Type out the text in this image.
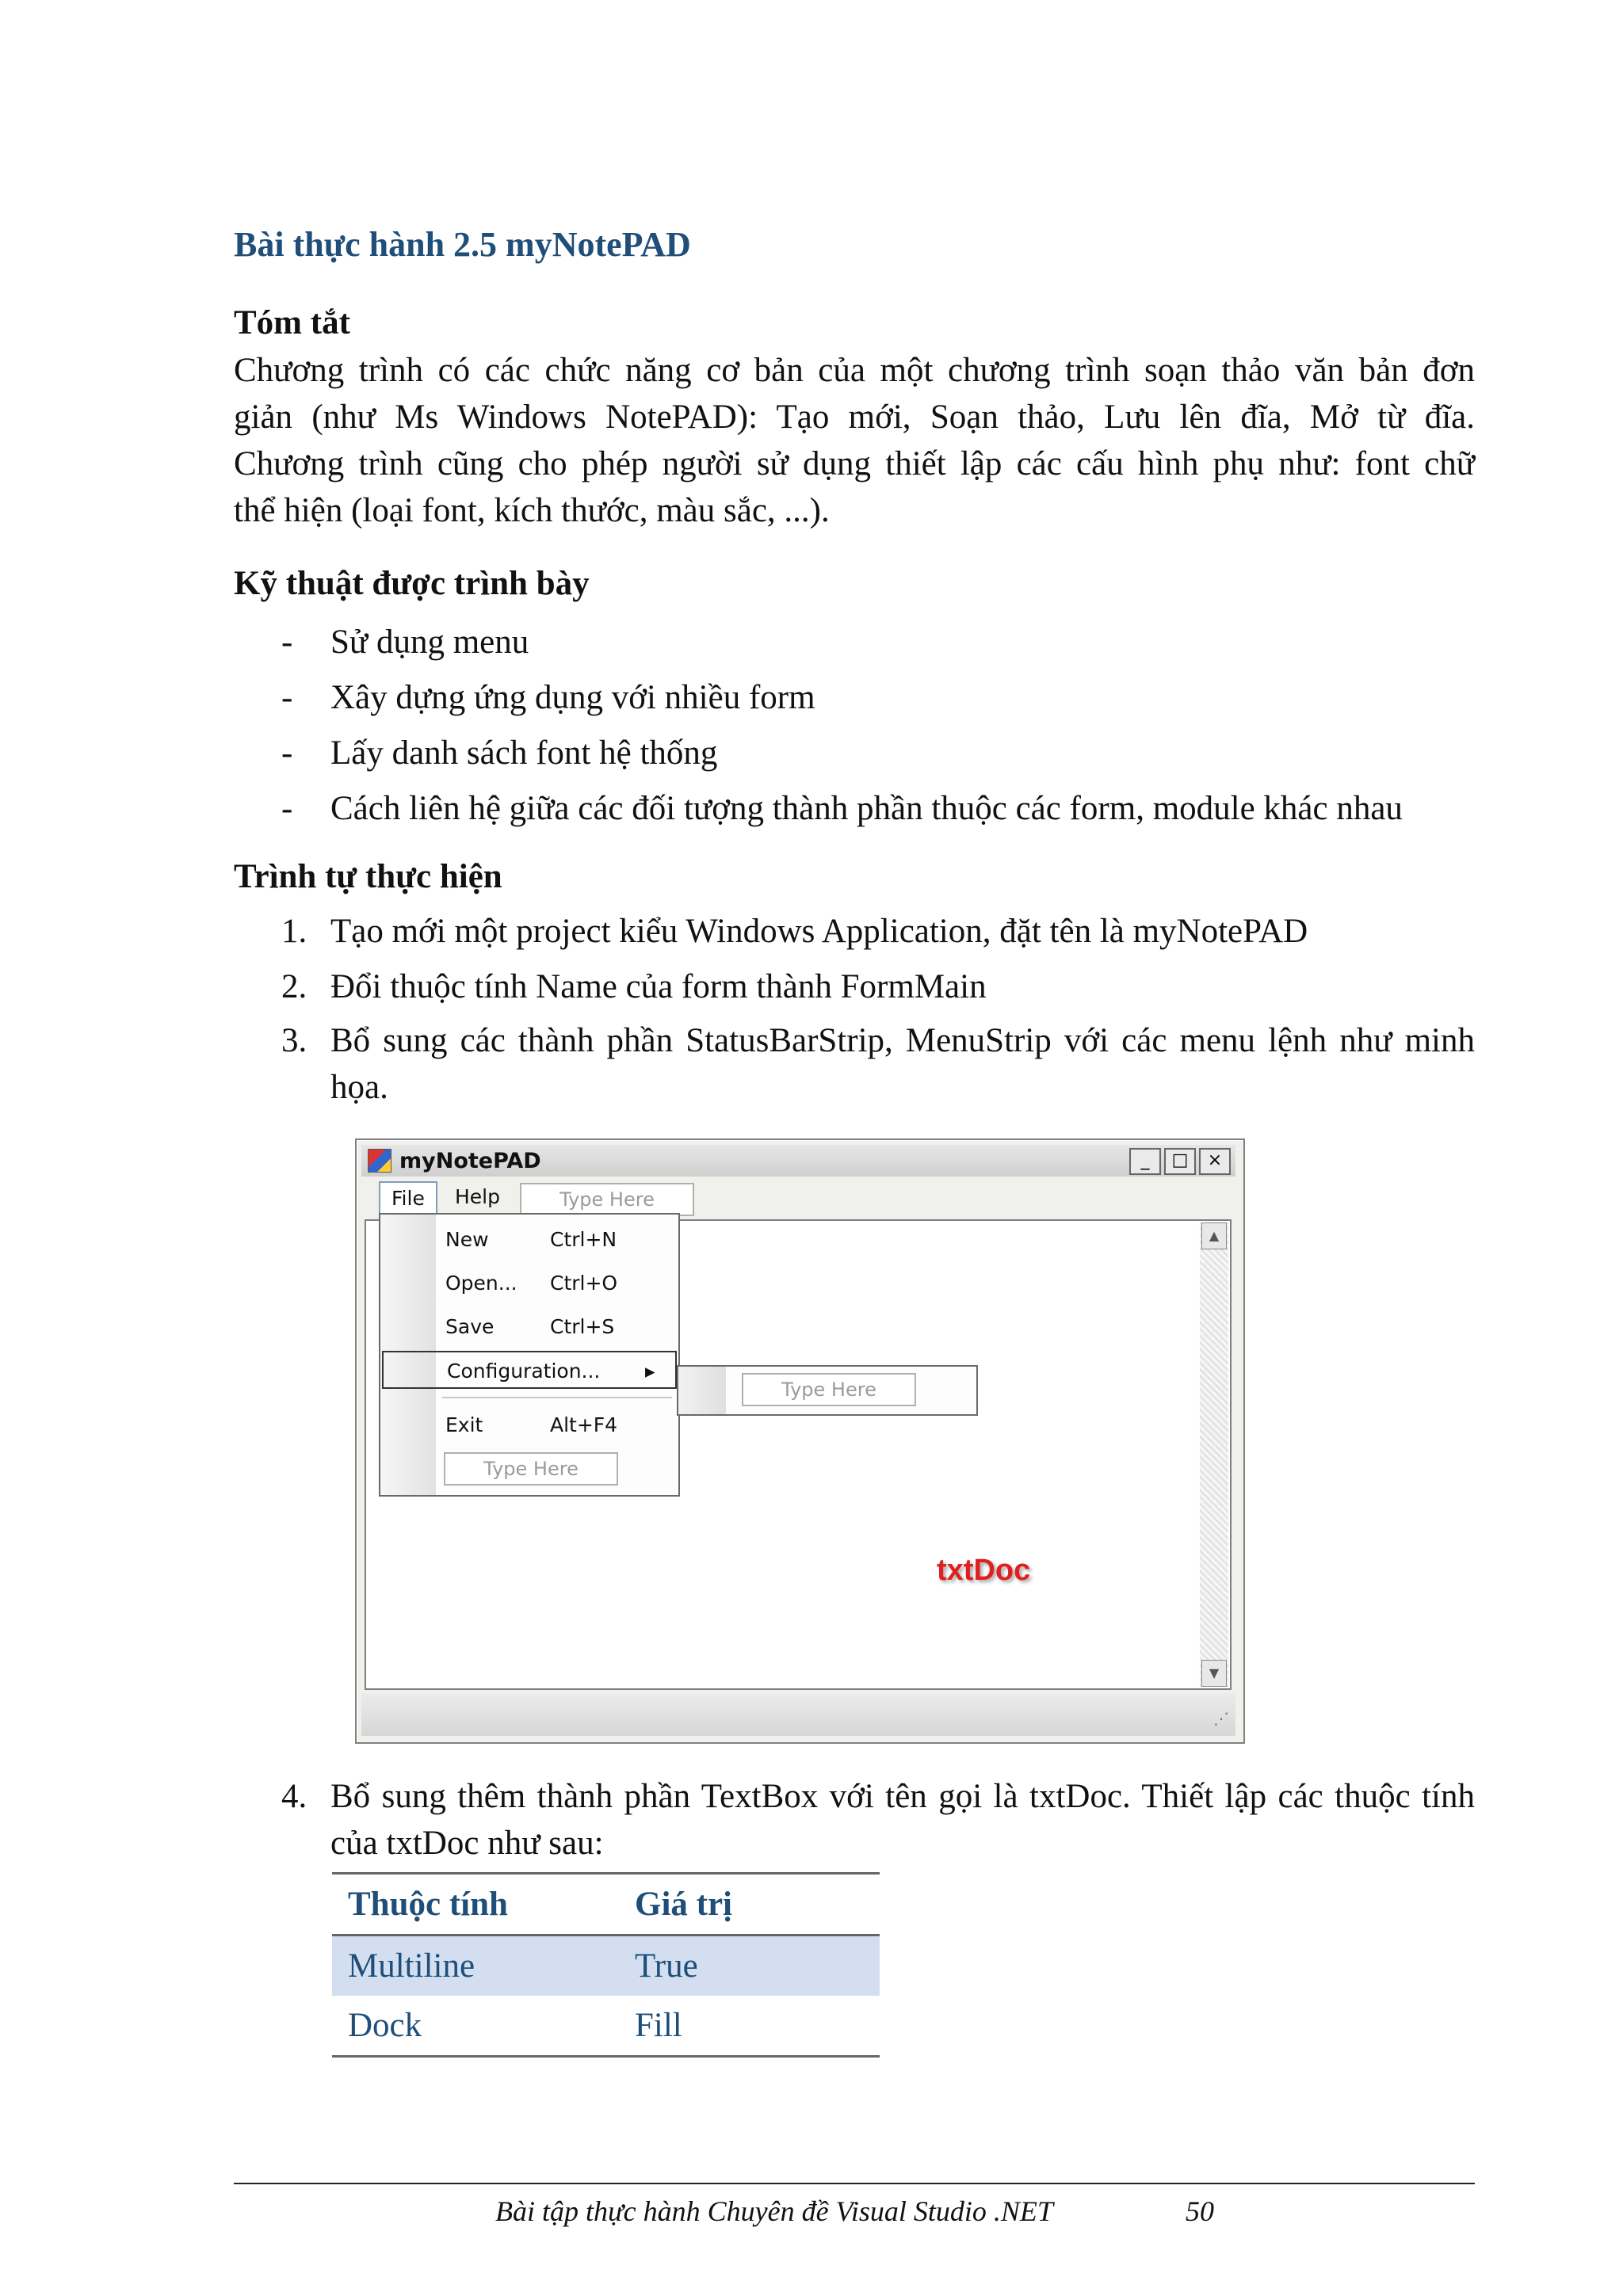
Bài thực hành 2.5 myNotePAD
Tóm tắt
Chương trình có các chức năng cơ bản của một chương trình soạn thảo văn bản đơn
giản (như Ms Windows NotePAD): Tạo mới, Soạn thảo, Lưu lên đĩa, Mở từ đĩa.
Chương trình cũng cho phép người sử dụng thiết lập các cấu hình phụ như: font chữ
thể hiện (loại font, kích thước, màu sắc, ...).
Kỹ thuật được trình bày
-	Sử dụng menu
-	Xây dựng ứng dụng với nhiều form
-	Lấy danh sách font hệ thống
-	Cách liên hệ giữa các đối tượng thành phần thuộc các form, module khác nhau
Trình tự thực hiện
1. Tạo mới một project kiểu Windows Application, đặt tên là myNotePAD
2. Đổi thuộc tính Name của form thành FormMain
3. Bổ sung các thành phần StatusBarStrip, MenuStrip với các menu lệnh như minh họa.
myNotePAD	_	□	×
File	Help	Type Here
▲
▼
txtDoc
⋰
New	Ctrl+N
Open... Ctrl+O
Save	Ctrl+S
Configuration... ▸
Exit	Alt+F4
Type Here
Type Here
4. Bổ sung thêm thành phần TextBox với tên gọi là txtDoc. Thiết lập các thuộc tính của txtDoc như sau:
Thuộc tính	Giá trị
Multiline	True
Dock	Fill
Bài tập thực hành Chuyên đề Visual Studio .NET	50
